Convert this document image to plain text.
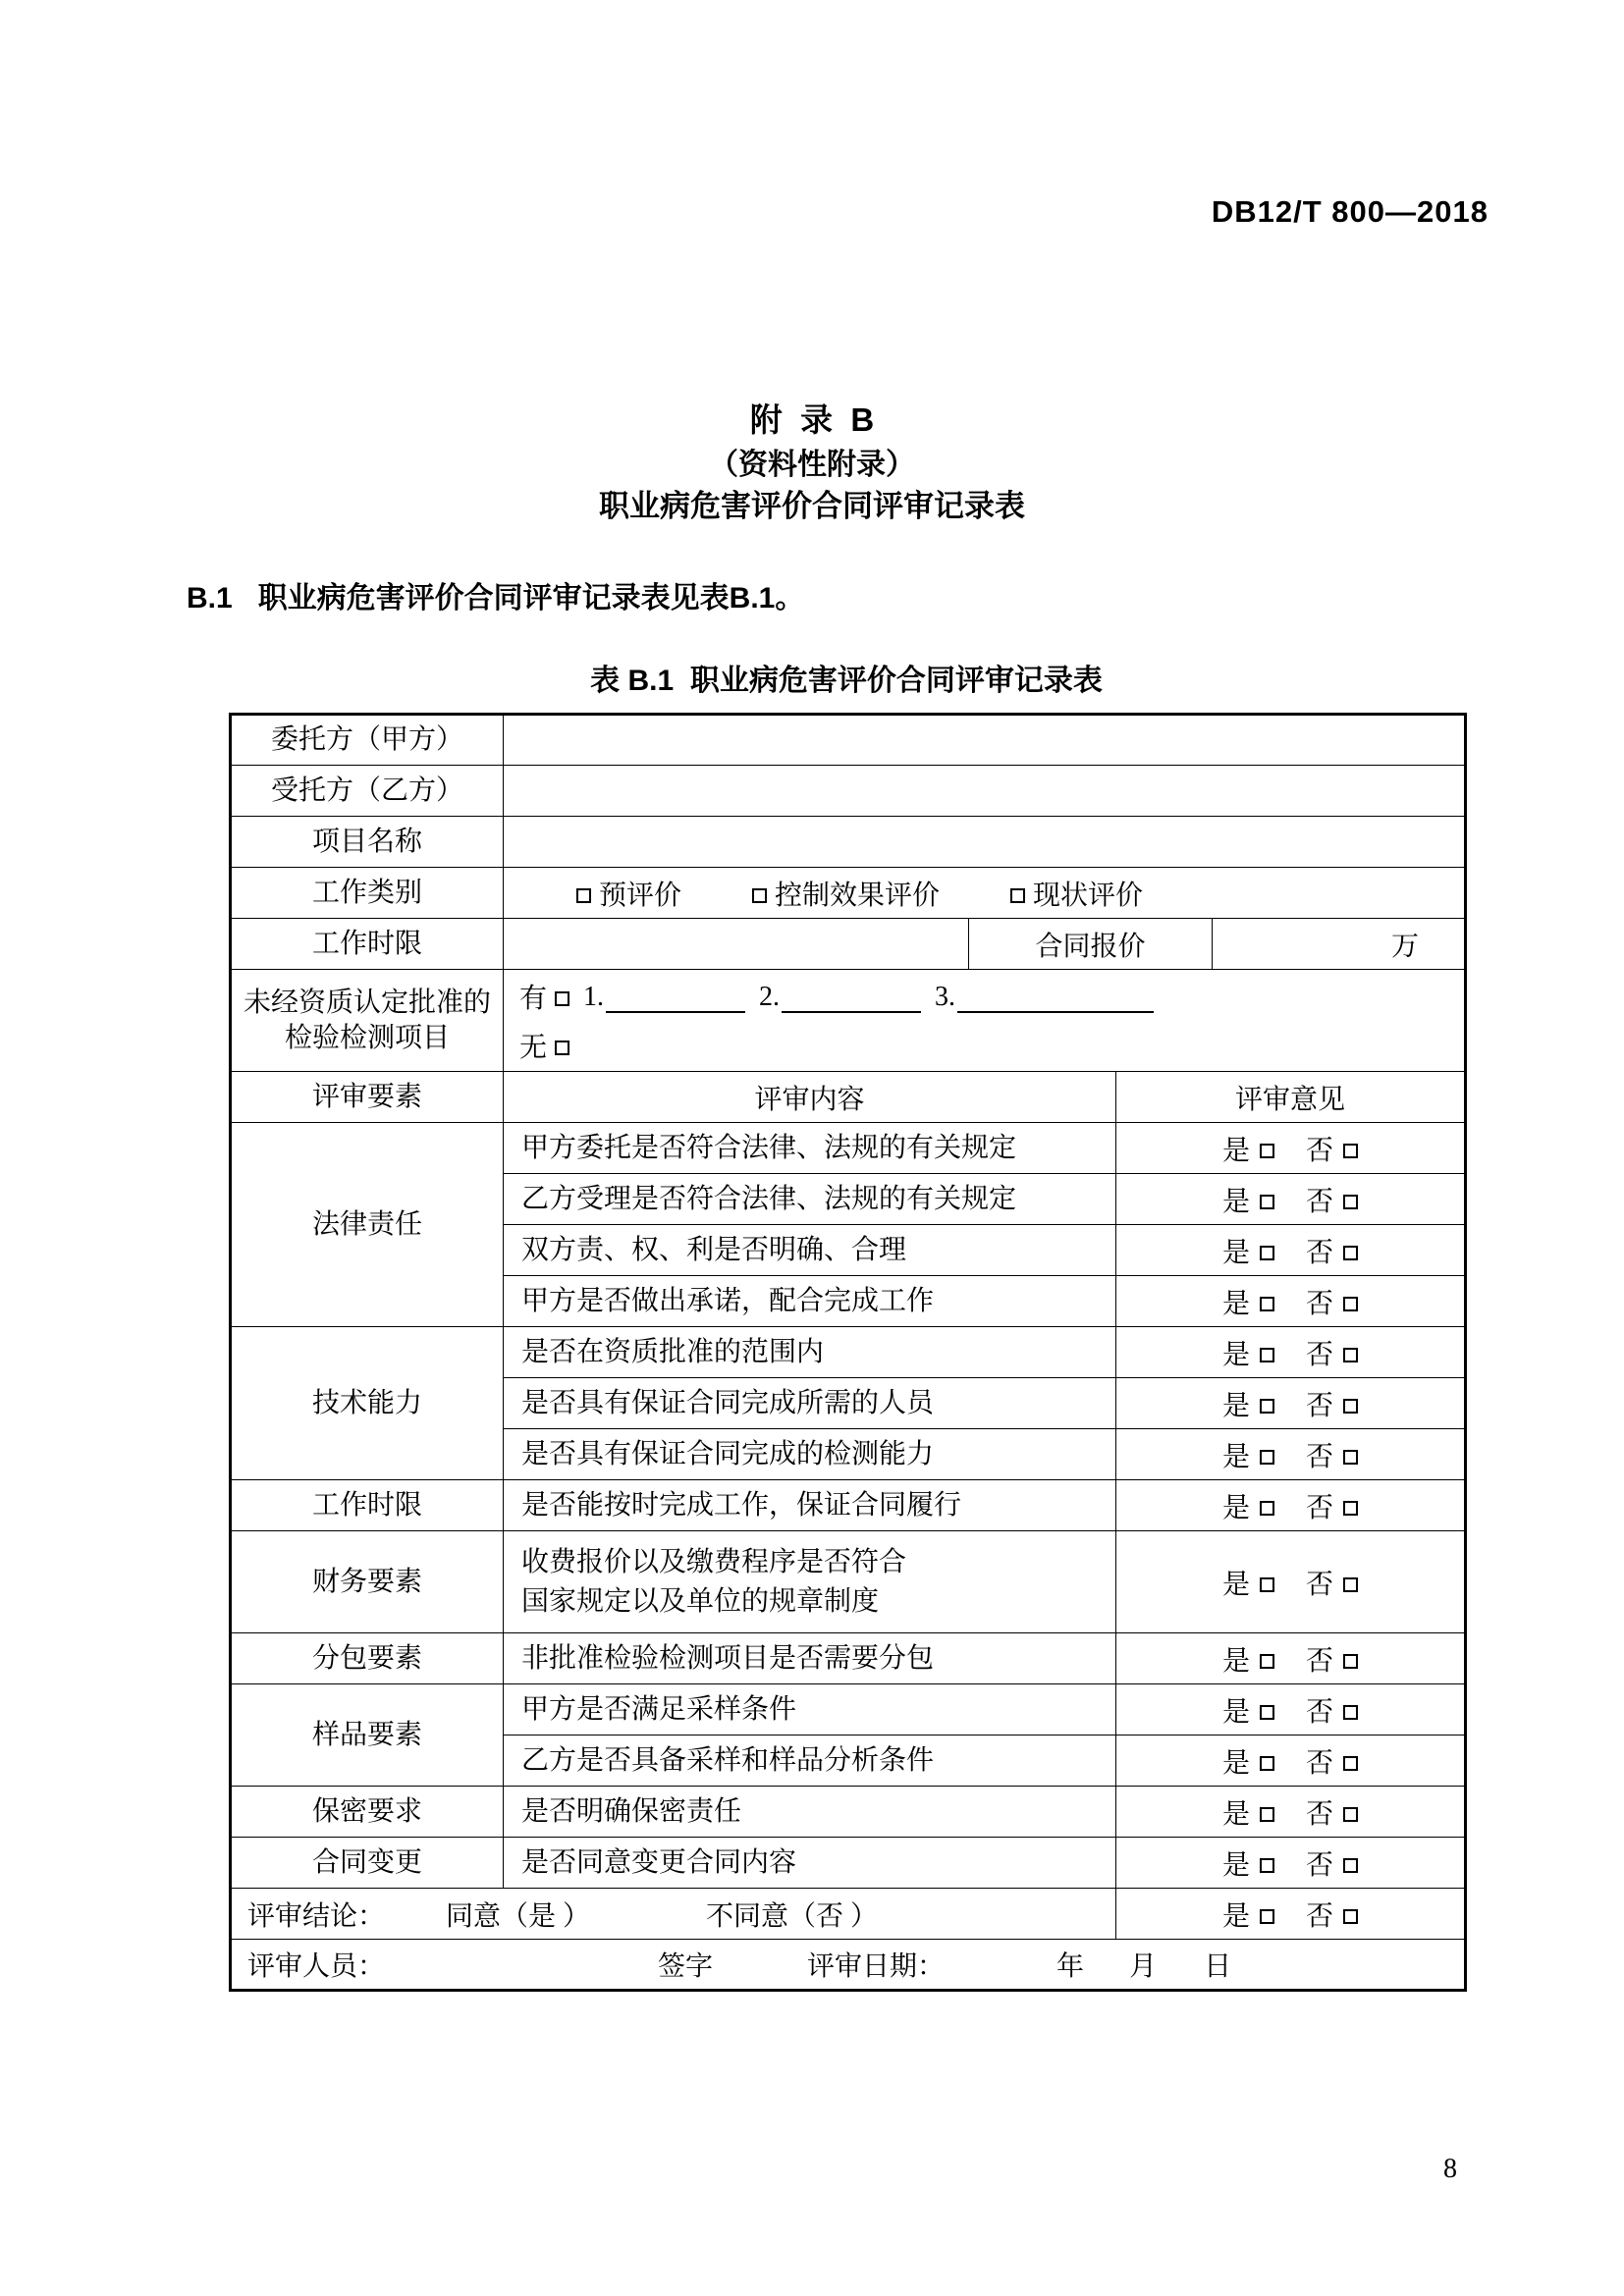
DB12/T 800—2018
附  录  B
（资料性附录）
职业病危害评价合同评审记录表
B.1 职业病危害评价合同评审记录表见表B.1。
表 B.1  职业病危害评价合同评审记录表
委托方（甲方）				
受托方（乙方）				
项目名称				
工作类别	预评价 控制效果评价 现状评价			

工作时限		合同报价		万

未经资质认定批准的
检验检测项目

有	1.	2.	3.
无

评审要素	评审内容		评审意见	
法律责任	甲方委托是否符合法律、法规的有关规定		是 否	
	乙方受理是否符合法律、法规的有关规定		是 否	
	双方责、权、利是否明确、合理		是 否	
	甲方是否做出承诺，配合完成工作		是 否	
技术能力	是否在资质批准的范围内		是 否	
	是否具有保证合同完成所需的人员		是 否	
	是否具有保证合同完成的检测能力		是 否	
工作时限	是否能按时完成工作，保证合同履行		是 否	
财务要素	收费报价以及缴费程序是否符合
国家规定以及单位的规章制度		是 否	
分包要素	非批准检验检测项目是否需要分包		是 否	
样品要素	甲方是否满足采样条件		是 否	
	乙方是否具备采样和样品分析条件		是 否	
保密要求	是否明确保密责任		是 否	
合同变更	是否同意变更合同内容		是 否	

评审结论： 同意（是 ） 不同意（否 ）			是 否	

评审人员：	签字	评审日期：	年 月 日
8
